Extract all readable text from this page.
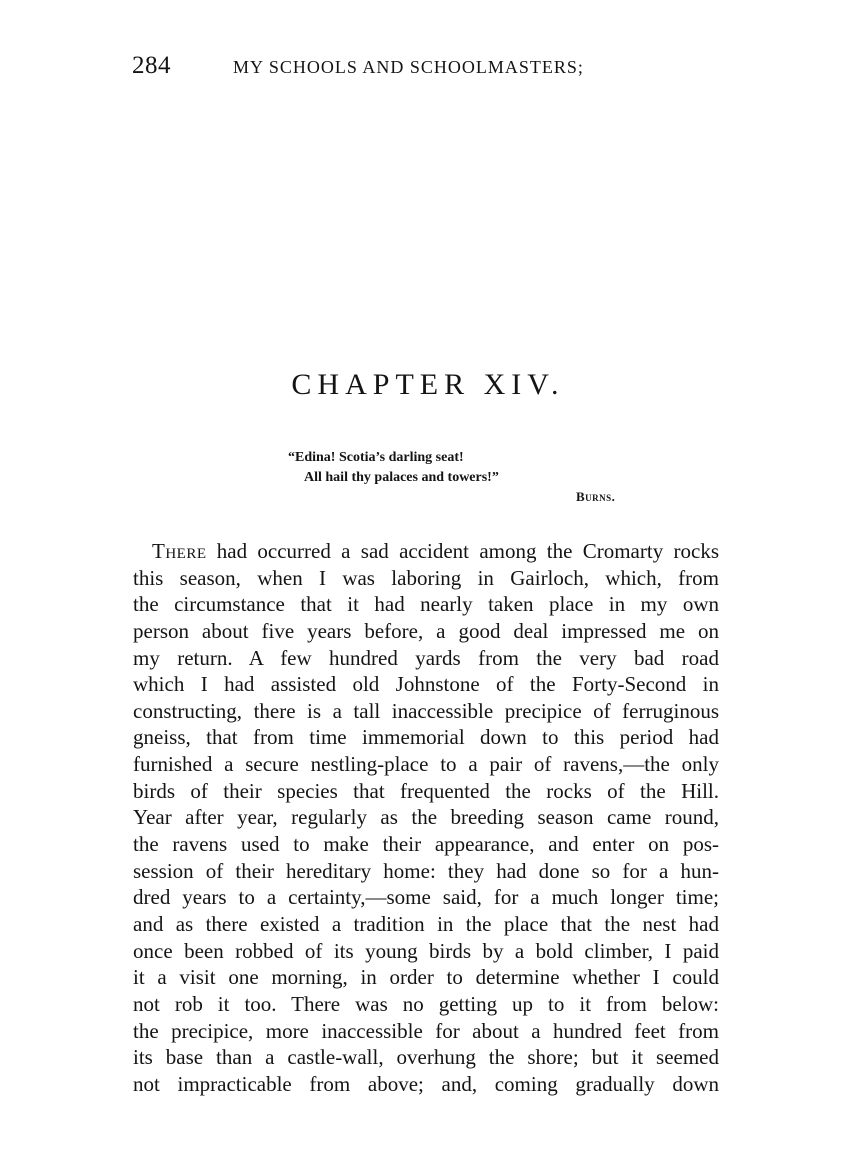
284	MY SCHOOLS AND SCHOOLMASTERS;
CHAPTER XIV.
“Edina! Scotia’s darling seat!
All hail thy palaces and towers!”
Burns.
There had occurred a sad accident among the Cromarty rocks
this season, when I was laboring in Gairloch, which, from
the circumstance that it had nearly taken place in my own
person about five years before, a good deal impressed me on
my return. A few hundred yards from the very bad road
which I had assisted old Johnstone of the Forty-Second in
constructing, there is a tall inaccessible precipice of ferruginous
gneiss, that from time immemorial down to this period had
furnished a secure nestling-place to a pair of ravens,—the only
birds of their species that frequented the rocks of the Hill.
Year after year, regularly as the breeding season came round,
the ravens used to make their appearance, and enter on pos-
session of their hereditary home: they had done so for a hun-
dred years to a certainty,—some said, for a much longer time;
and as there existed a tradition in the place that the nest had
once been robbed of its young birds by a bold climber, I paid
it a visit one morning, in order to determine whether I could
not rob it too. There was no getting up to it from below:
the precipice, more inaccessible for about a hundred feet from
its base than a castle-wall, overhung the shore; but it seemed
not impracticable from above; and, coming gradually down
